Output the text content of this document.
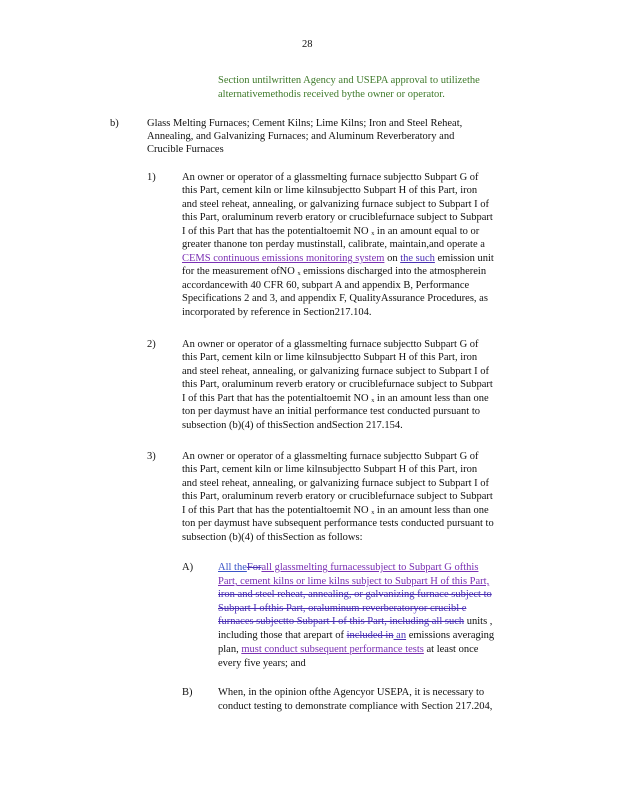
28
Section untilwritten Agency and USEPA approval to utilizethe
alternativemethodis received bythe owner or operator.
b)	Glass Melting Furnaces; Cement Kilns; Lime Kilns; Iron and Steel Reheat,
Annealing, and Galvanizing Furnaces; and Aluminum Reverberatory and
Crucible Furnaces
1)	An owner or operator of a glassmelting furnace subjectto Subpart G of
this Part, cement kiln or lime kilnsubjectto Subpart H of this Part, iron
and steel reheat, annealing, or galvanizing furnace subject to Subpart I of
this Part, oraluminum reverb eratory or cruciblefurnace subject to Subpart
I of this Part that has the potentialtoemit NO ₓ in an amount equal to or
greater thanone ton perday mustinstall, calibrate, maintain,and operate a
CEMS continuous emissions monitoring system on the such emission unit
for the measurement ofNO ₓ emissions discharged into the atmospherein
accordancewith 40 CFR 60, subpart A and appendix B, Performance
Specifications 2 and 3, and appendix F, QualityAssurance Procedures, as
incorporated by reference in Section217.104.
2)	An owner or operator of a glassmelting furnace subjectto Subpart G of
this Part, cement kiln or lime kilnsubjectto Subpart H of this Part, iron
and steel reheat, annealing, or galvanizing furnace subject to Subpart I of
this Part, oraluminum reverb eratory or cruciblefurnace subject to Subpart
I of this Part that has the potentialtoemit NO ₓ in an amount less than one
ton per daymust have an initial performance test conducted pursuant to
subsection (b)(4) of thisSection andSection 217.154.
3)	An owner or operator of a glassmelting furnace subjectto Subpart G of
this Part, cement kiln or lime kilnsubjectto Subpart H of this Part, iron
and steel reheat, annealing, or galvanizing furnace subject to Subpart I of
this Part, oraluminum reverb eratory or cruciblefurnace subject to Subpart
I of this Part that has the potentialtoemit NO ₓ in an amount less than one
ton per daymust have subsequent performance tests conducted pursuant to
subsection (b)(4) of thisSection as follows:
A) All theForall glassmelting furnacessubject to Subpart G ofthis
Part, cement kilns or lime kilns subject to Subpart H of this Part,
iron and steel reheat, annealing, or galvanizing furnace subject to
Subpart I ofthis Part, oraluminum reverberatoryor crucibl e
furnaces subjectto Subpart I of this Part, including all such units ,
including those that arepart of included in an emissions averaging
plan, must conduct subsequent performance tests at least once
every five years; and
B) When, in the opinion ofthe Agencyor USEPA, it is necessary to
conduct testing to demonstrate compliance with Section 217.204,
